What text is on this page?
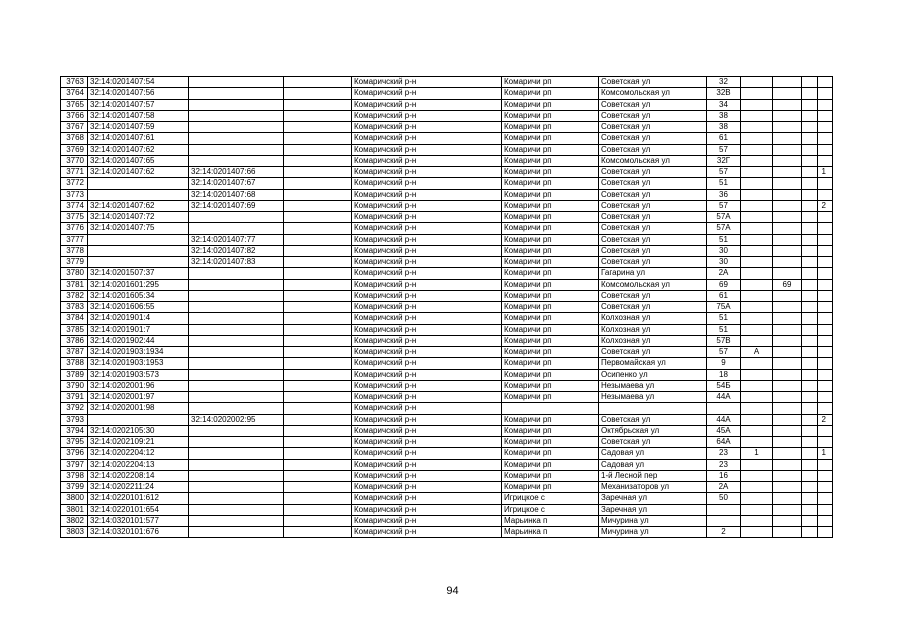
3763	32:14:0201407:54			Комаричский р-н		Комаричи рп	Советская ул	32				
3764	32:14:0201407:56			Комаричский р-н		Комаричи рп	Комсомольская ул	32В				
3765	32:14:0201407:57			Комаричский р-н		Комаричи рп	Советская ул	34				
3766	32:14:0201407:58			Комаричский р-н		Комаричи рп	Советская ул	38				
3767	32:14:0201407:59			Комаричский р-н		Комаричи рп	Советская ул	38				
3768	32:14:0201407:61			Комаричский р-н		Комаричи рп	Советская ул	61				
3769	32:14:0201407:62			Комаричский р-н		Комаричи рп	Советская ул	57				
3770	32:14:0201407:65			Комаричский р-н		Комаричи рп	Комсомольская ул	32Г				
3771	32:14:0201407:62	32:14:0201407:66		Комаричский р-н		Комаричи рп	Советская ул	57				1
3772		32:14:0201407:67		Комаричский р-н		Комаричи рп	Советская ул	51				
3773		32:14:0201407:68		Комаричский р-н		Комаричи рп	Советская ул	36				
3774	32:14:0201407:62	32:14:0201407:69		Комаричский р-н		Комаричи рп	Советская ул	57				2
3775	32:14:0201407:72			Комаричский р-н		Комаричи рп	Советская ул	57А				
3776	32:14:0201407:75			Комаричский р-н		Комаричи рп	Советская ул	57А				
3777		32:14:0201407:77		Комаричский р-н		Комаричи рп	Советская ул	51				
3778		32:14:0201407:82		Комаричский р-н		Комаричи рп	Советская ул	30				
3779		32:14:0201407:83		Комаричский р-н		Комаричи рп	Советская ул	30				
3780	32:14:0201507:37			Комаричский р-н		Комаричи рп	Гагарина ул	2А				
3781	32:14:0201601:295			Комаричский р-н		Комаричи рп	Комсомольская ул	69		69		
3782	32:14:0201605:34			Комаричский р-н		Комаричи рп	Советская ул	61				
3783	32:14:0201606:55			Комаричский р-н		Комаричи рп	Советская ул	75А				
3784	32:14:0201901:4			Комаричский р-н		Комаричи рп	Колхозная ул	51				
3785	32:14:0201901:7			Комаричский р-н		Комаричи рп	Колхозная ул	51				
3786	32:14:0201902:44			Комаричский р-н		Комаричи рп	Колхозная ул	57В				
3787	32:14:0201903:1934			Комаричский р-н		Комаричи рп	Советская ул	57	А			
3788	32:14:0201903:1953			Комаричский р-н		Комаричи рп	Первомайская ул	9				
3789	32:14:0201903:573			Комаричский р-н		Комаричи рп	Осипенко ул	18				
3790	32:14:0202001:96			Комаричский р-н		Комаричи рп	Незымаева ул	54Б				
3791	32:14:0202001:97			Комаричский р-н		Комаричи рп	Незымаева ул	44А				
3792	32:14:0202001:98			Комаричский р-н								
3793		32:14:0202002:95		Комаричский р-н		Комаричи рп	Советская ул	44А				2
3794	32:14:0202105:30			Комаричский р-н		Комаричи рп	Октябрьская ул	45А				
3795	32:14:0202109:21			Комаричский р-н		Комаричи рп	Советская ул	64А				
3796	32:14:0202204:12			Комаричский р-н		Комаричи рп	Садовая ул	23	1			1
3797	32:14:0202204:13			Комаричский р-н		Комаричи рп	Садовая ул	23				
3798	32:14:0202208:14			Комаричский р-н		Комаричи рп	1-й Лесной пер	16				
3799	32:14:0202211:24			Комаричский р-н		Комаричи рп	Механизаторов ул	2А				
3800	32:14:0220101:612			Комаричский р-н		Игрицкое с	Заречная ул	50				
3801	32:14:0220101:654			Комаричский р-н		Игрицкое с	Заречная ул					
3802	32:14:0320101:577			Комаричский р-н		Марьинка п	Мичурина ул					
3803	32:14:0320101:676			Комаричский р-н		Марьинка п	Мичурина ул	2				
94
